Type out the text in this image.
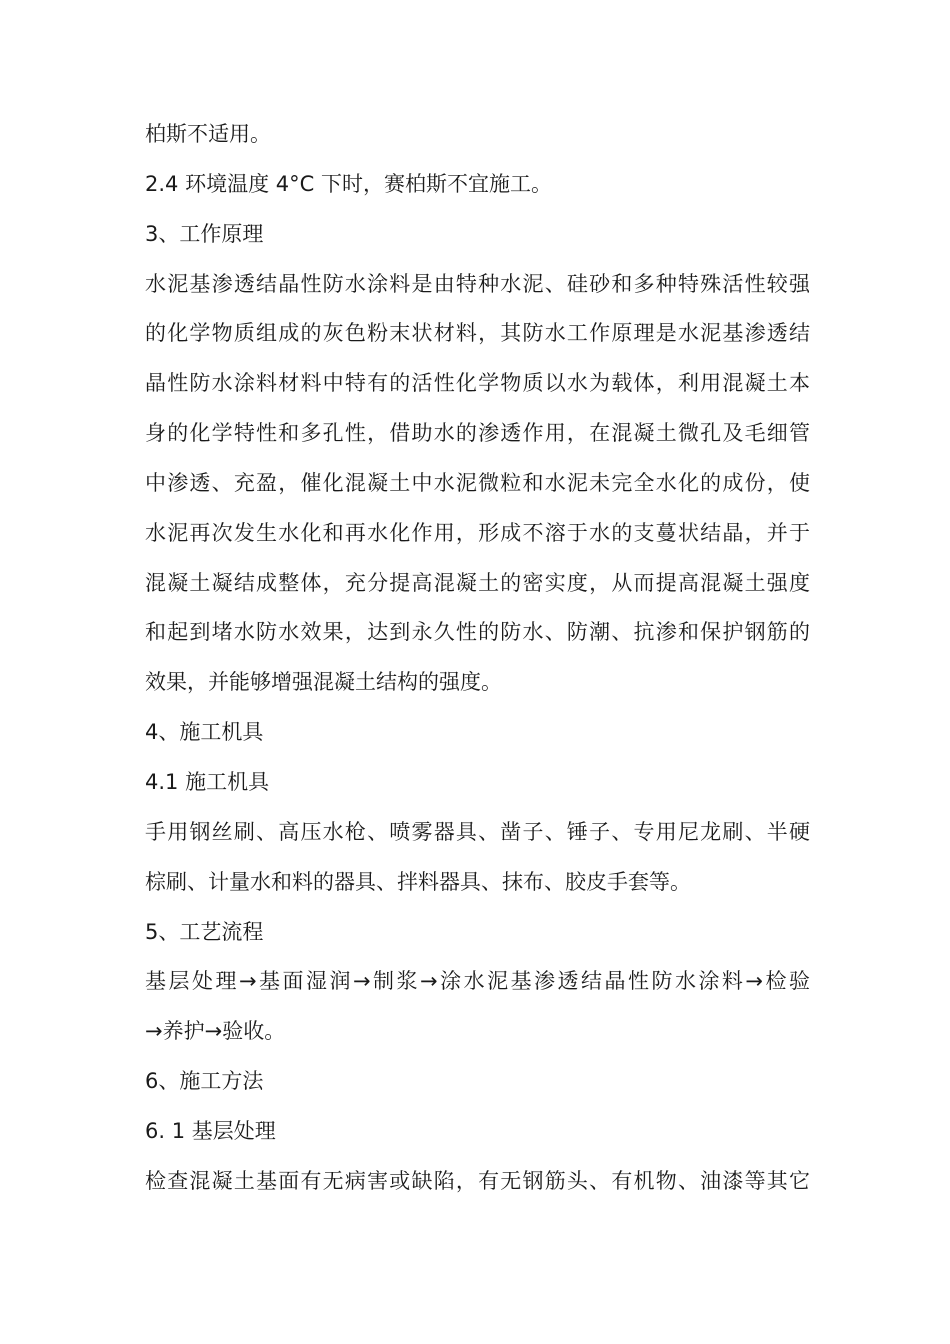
柏斯不适用。
2.4 环境温度 4°C 下时，赛柏斯不宜施工。
3、工作原理
水泥基渗透结晶性防水涂料是由特种水泥、硅砂和多种特殊活性较强
的化学物质组成的灰色粉末状材料，其防水工作原理是水泥基渗透结
晶性防水涂料材料中特有的活性化学物质以水为载体，利用混凝土本
身的化学特性和多孔性，借助水的渗透作用，在混凝土微孔及毛细管
中渗透、充盈，催化混凝土中水泥微粒和水泥未完全水化的成份，使
水泥再次发生水化和再水化作用，形成不溶于水的支蔓状结晶，并于
混凝土凝结成整体，充分提高混凝土的密实度，从而提高混凝土强度
和起到堵水防水效果，达到永久性的防水、防潮、抗渗和保护钢筋的
效果，并能够增强混凝土结构的强度。
4、施工机具
4.1 施工机具
手用钢丝刷、高压水枪、喷雾器具、凿子、锤子、专用尼龙刷、半硬
棕刷、计量水和料的器具、拌料器具、抹布、胶皮手套等。
5、工艺流程
基层处理→基面湿润→制浆→涂水泥基渗透结晶性防水涂料→检验
→养护→验收。
6、施工方法
6. 1 基层处理
检查混凝土基面有无病害或缺陷，有无钢筋头、有机物、油漆等其它
